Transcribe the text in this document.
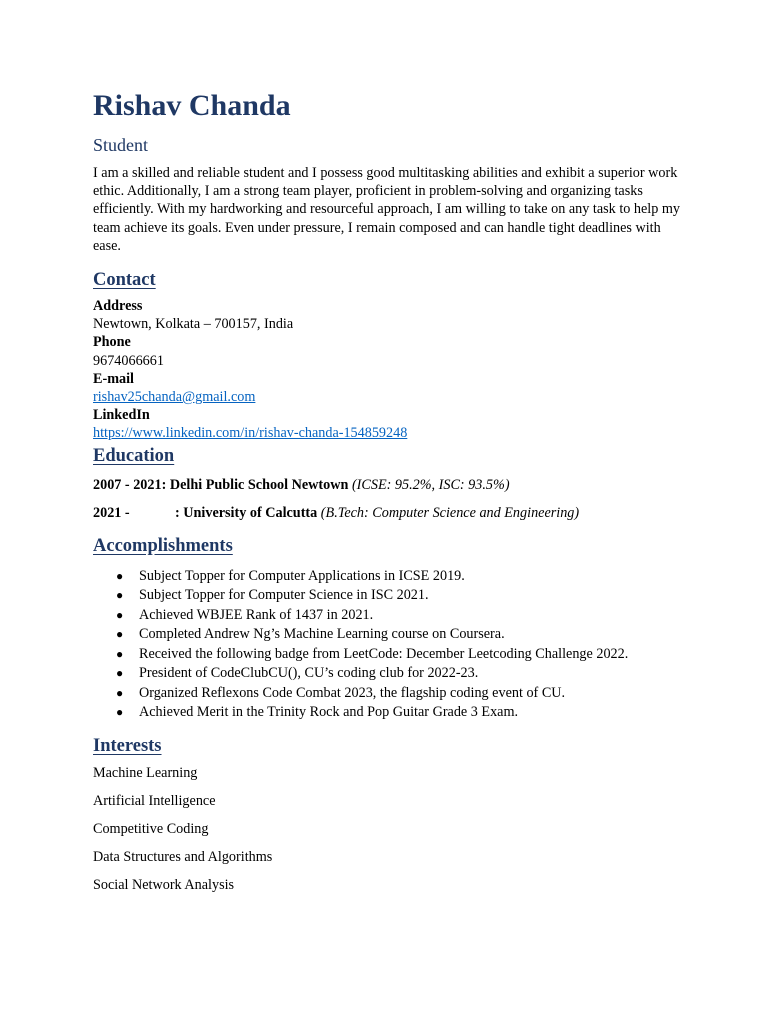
Rishav Chanda
Student

I am a skilled and reliable student and I possess good multitasking abilities and exhibit a superior work ethic. Additionally, I am a strong team player, proficient in problem-solving and organizing tasks efficiently. With my hardworking and resourceful approach, I am willing to take on any task to help my team achieve its goals. Even under pressure, I remain composed and can handle tight deadlines with ease.

Contact
Address
Newtown, Kolkata – 700157, India
Phone
9674066661
E-mail
rishav25chanda@gmail.com
LinkedIn
https://www.linkedin.com/in/rishav-chanda-154859248
Education

2007 - 2021: Delhi Public School Newtown (ICSE: 95.2%, ISC: 93.5%)

2021 -	: University of Calcutta (B.Tech: Computer Science and Engineering)

Accomplishments
● Subject Topper for Computer Applications in ICSE 2019.
● Subject Topper for Computer Science in ISC 2021.
● Achieved WBJEE Rank of 1437 in 2021.
● Completed Andrew Ng’s Machine Learning course on Coursera.
● Received the following badge from LeetCode: December Leetcoding Challenge 2022.
● President of CodeClubCU(), CU’s coding club for 2022-23.
● Organized Reflexons Code Combat 2023, the flagship coding event of CU.
● Achieved Merit in the Trinity Rock and Pop Guitar Grade 3 Exam.
Interests

Machine Learning

Artificial Intelligence

Competitive Coding

Data Structures and Algorithms

Social Network Analysis
